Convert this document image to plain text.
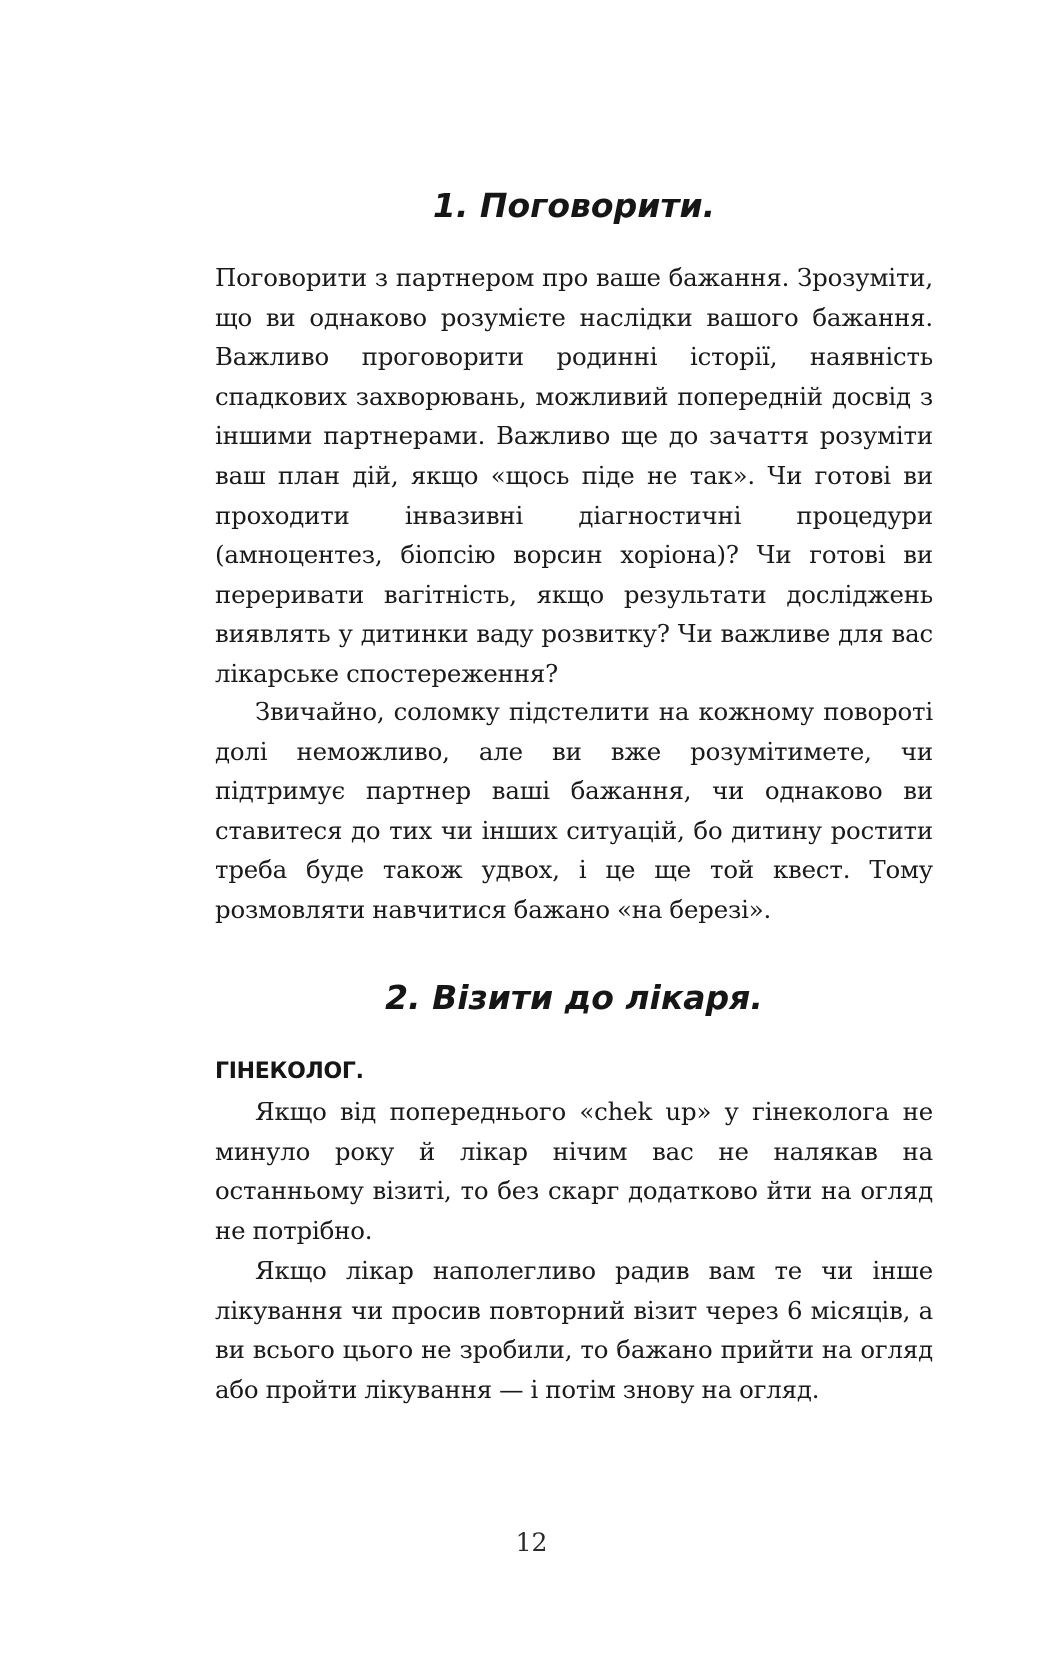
1. Поговорити.

Поговорити з партнером про ваше бажання. Зрозуміти, що ви однаково розумієте наслідки вашого бажання. Важливо проговорити родинні історії, наявність спадкових захворювань, можливий попередній досвід з іншими партнерами. Важливо ще до зачаття розуміти ваш план дій, якщо «щось піде не так». Чи готові ви проходити інвазивні діагностичні процедури (амноцентез, біопсію ворсин хоріона)? Чи готові ви переривати вагітність, якщо результати досліджень виявлять у дитинки ваду розвитку? Чи важливе для вас лікарське спостереження?

Звичайно, соломку підстелити на кожному повороті долі неможливо, але ви вже розумітимете, чи підтримує партнер ваші бажання, чи однаково ви ставитеся до тих чи інших ситуацій, бо дитину ростити треба буде також удвох, і це ще той квест. Тому розмовляти навчитися бажано «на березі».

2. Візити до лікаря.
ГІНЕКОЛОГ.

Якщо від попереднього «chek up» у гінеколога не минуло року й лікар нічим вас не налякав на останньому візиті, то без скарг додатково йти на огляд не потрібно.

Якщо лікар наполегливо радив вам те чи інше лікування чи просив повторний візит через 6 місяців, а ви всього цього не зробили, то бажано прийти на огляд або пройти лікування — і потім знову на огляд.

12
